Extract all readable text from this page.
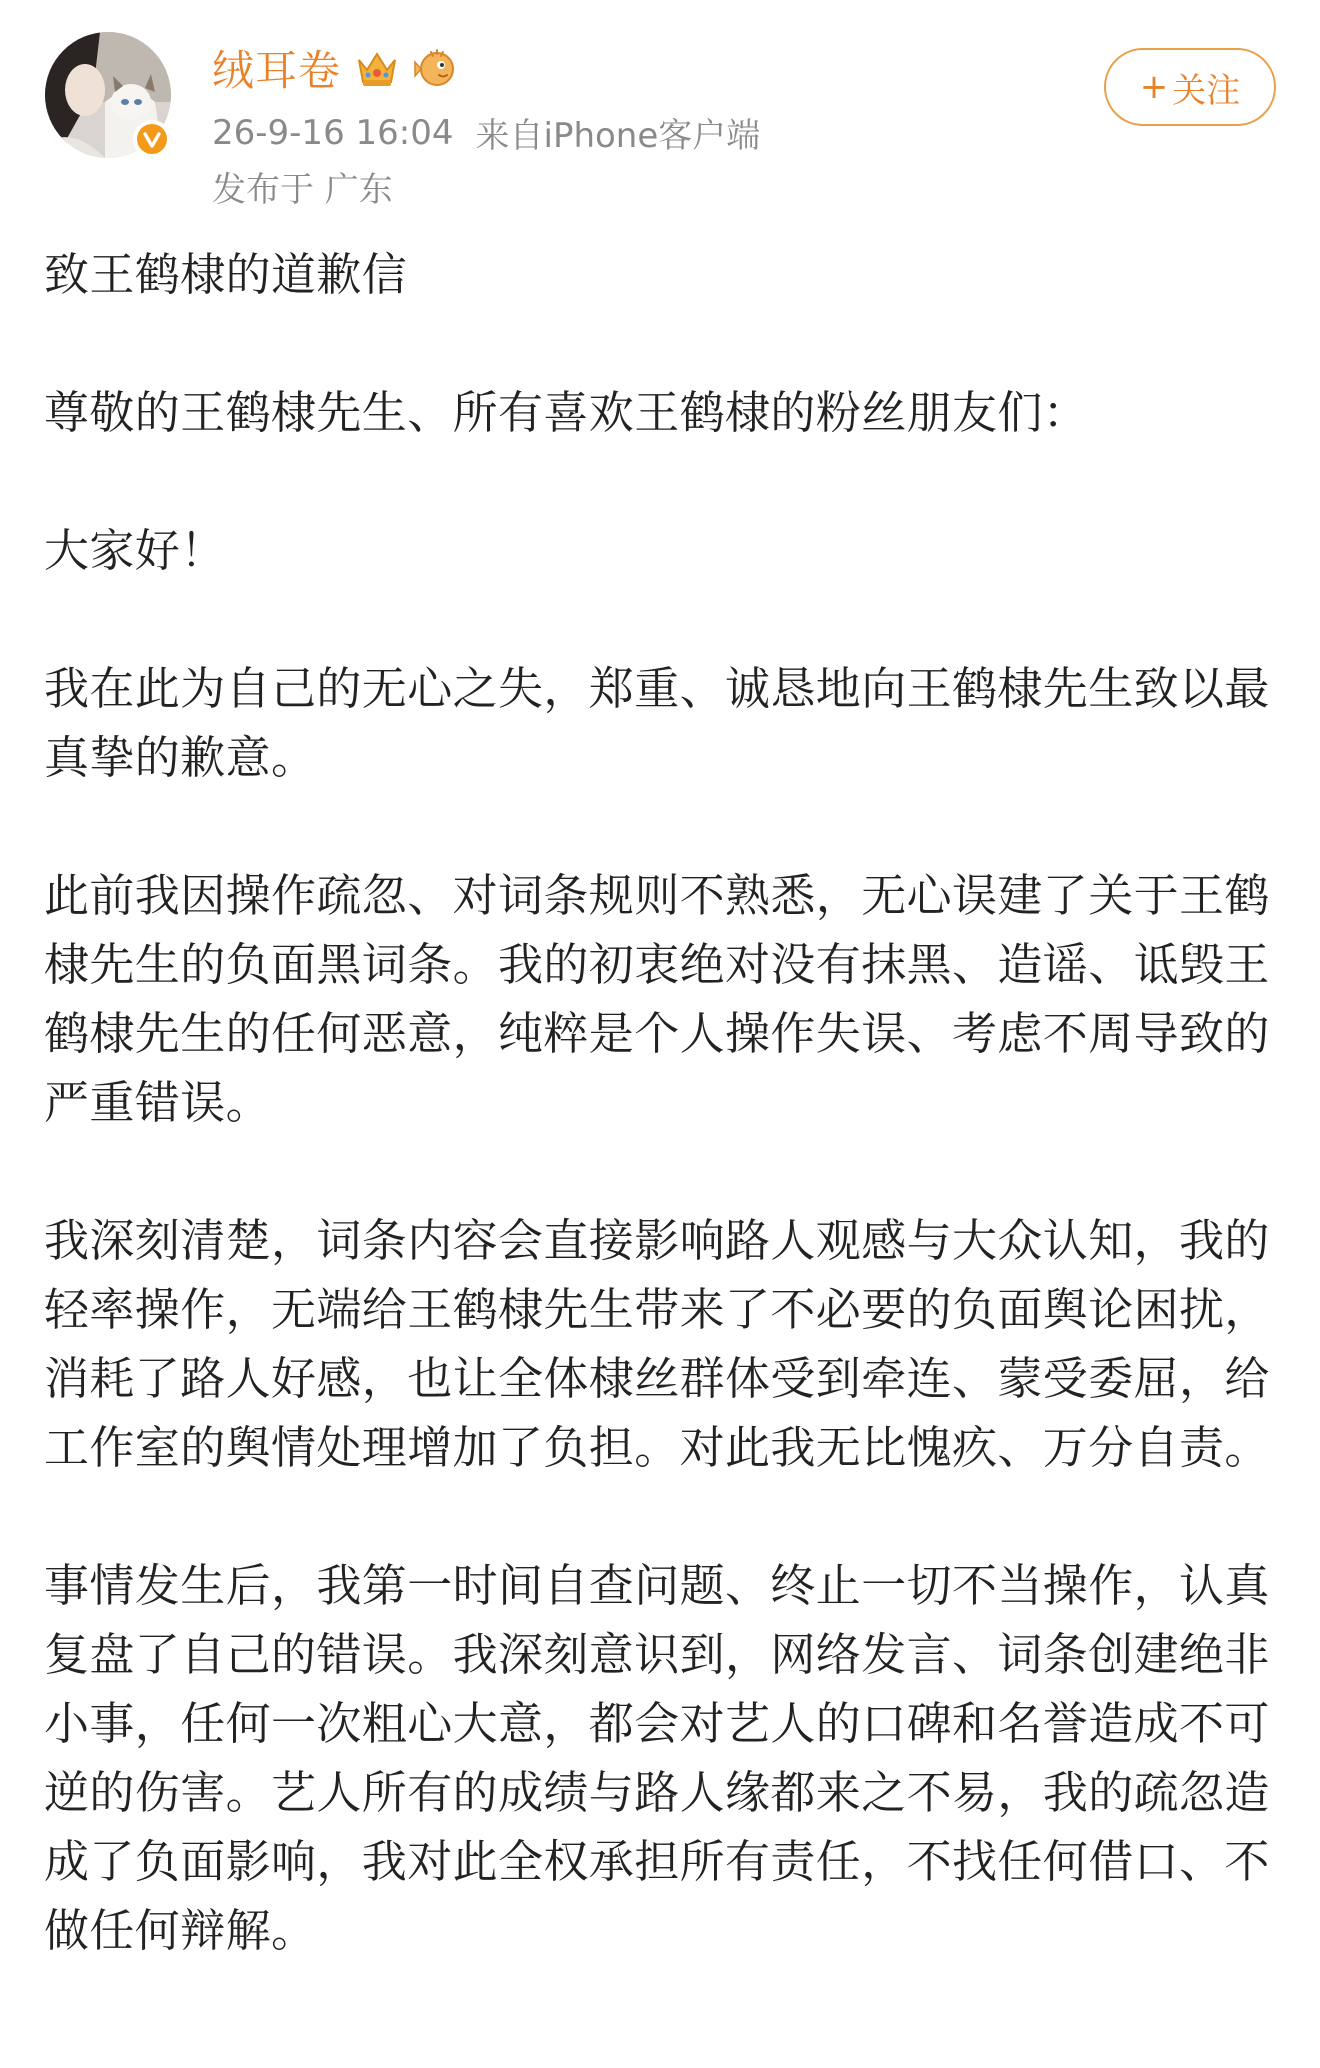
绒耳卷
26-9-16 16:04 来自iPhone客户端
发布于 广东
+ 关注

致王鹤棣的道歉信

尊敬的王鹤棣先生、所有喜欢王鹤棣的粉丝朋友们：

大家好！

我在此为自己的无心之失，郑重、诚恳地向王鹤棣先生致以最真挚的歉意。

此前我因操作疏忽、对词条规则不熟悉，无心误建了关于王鹤棣先生的负面黑词条。我的初衷绝对没有抹黑、造谣、诋毁王鹤棣先生的任何恶意，纯粹是个人操作失误、考虑不周导致的严重错误。

我深刻清楚，词条内容会直接影响路人观感与大众认知，我的轻率操作，无端给王鹤棣先生带来了不必要的负面舆论困扰，消耗了路人好感，也让全体棣丝群体受到牵连、蒙受委屈，给工作室的舆情处理增加了负担。对此我无比愧疚、万分自责。

事情发生后，我第一时间自查问题、终止一切不当操作，认真复盘了自己的错误。我深刻意识到，网络发言、词条创建绝非小事，任何一次粗心大意，都会对艺人的口碑和名誉造成不可逆的伤害。艺人所有的成绩与路人缘都来之不易，我的疏忽造成了负面影响，我对此全权承担所有责任，不找任何借口、不做任何辩解。
